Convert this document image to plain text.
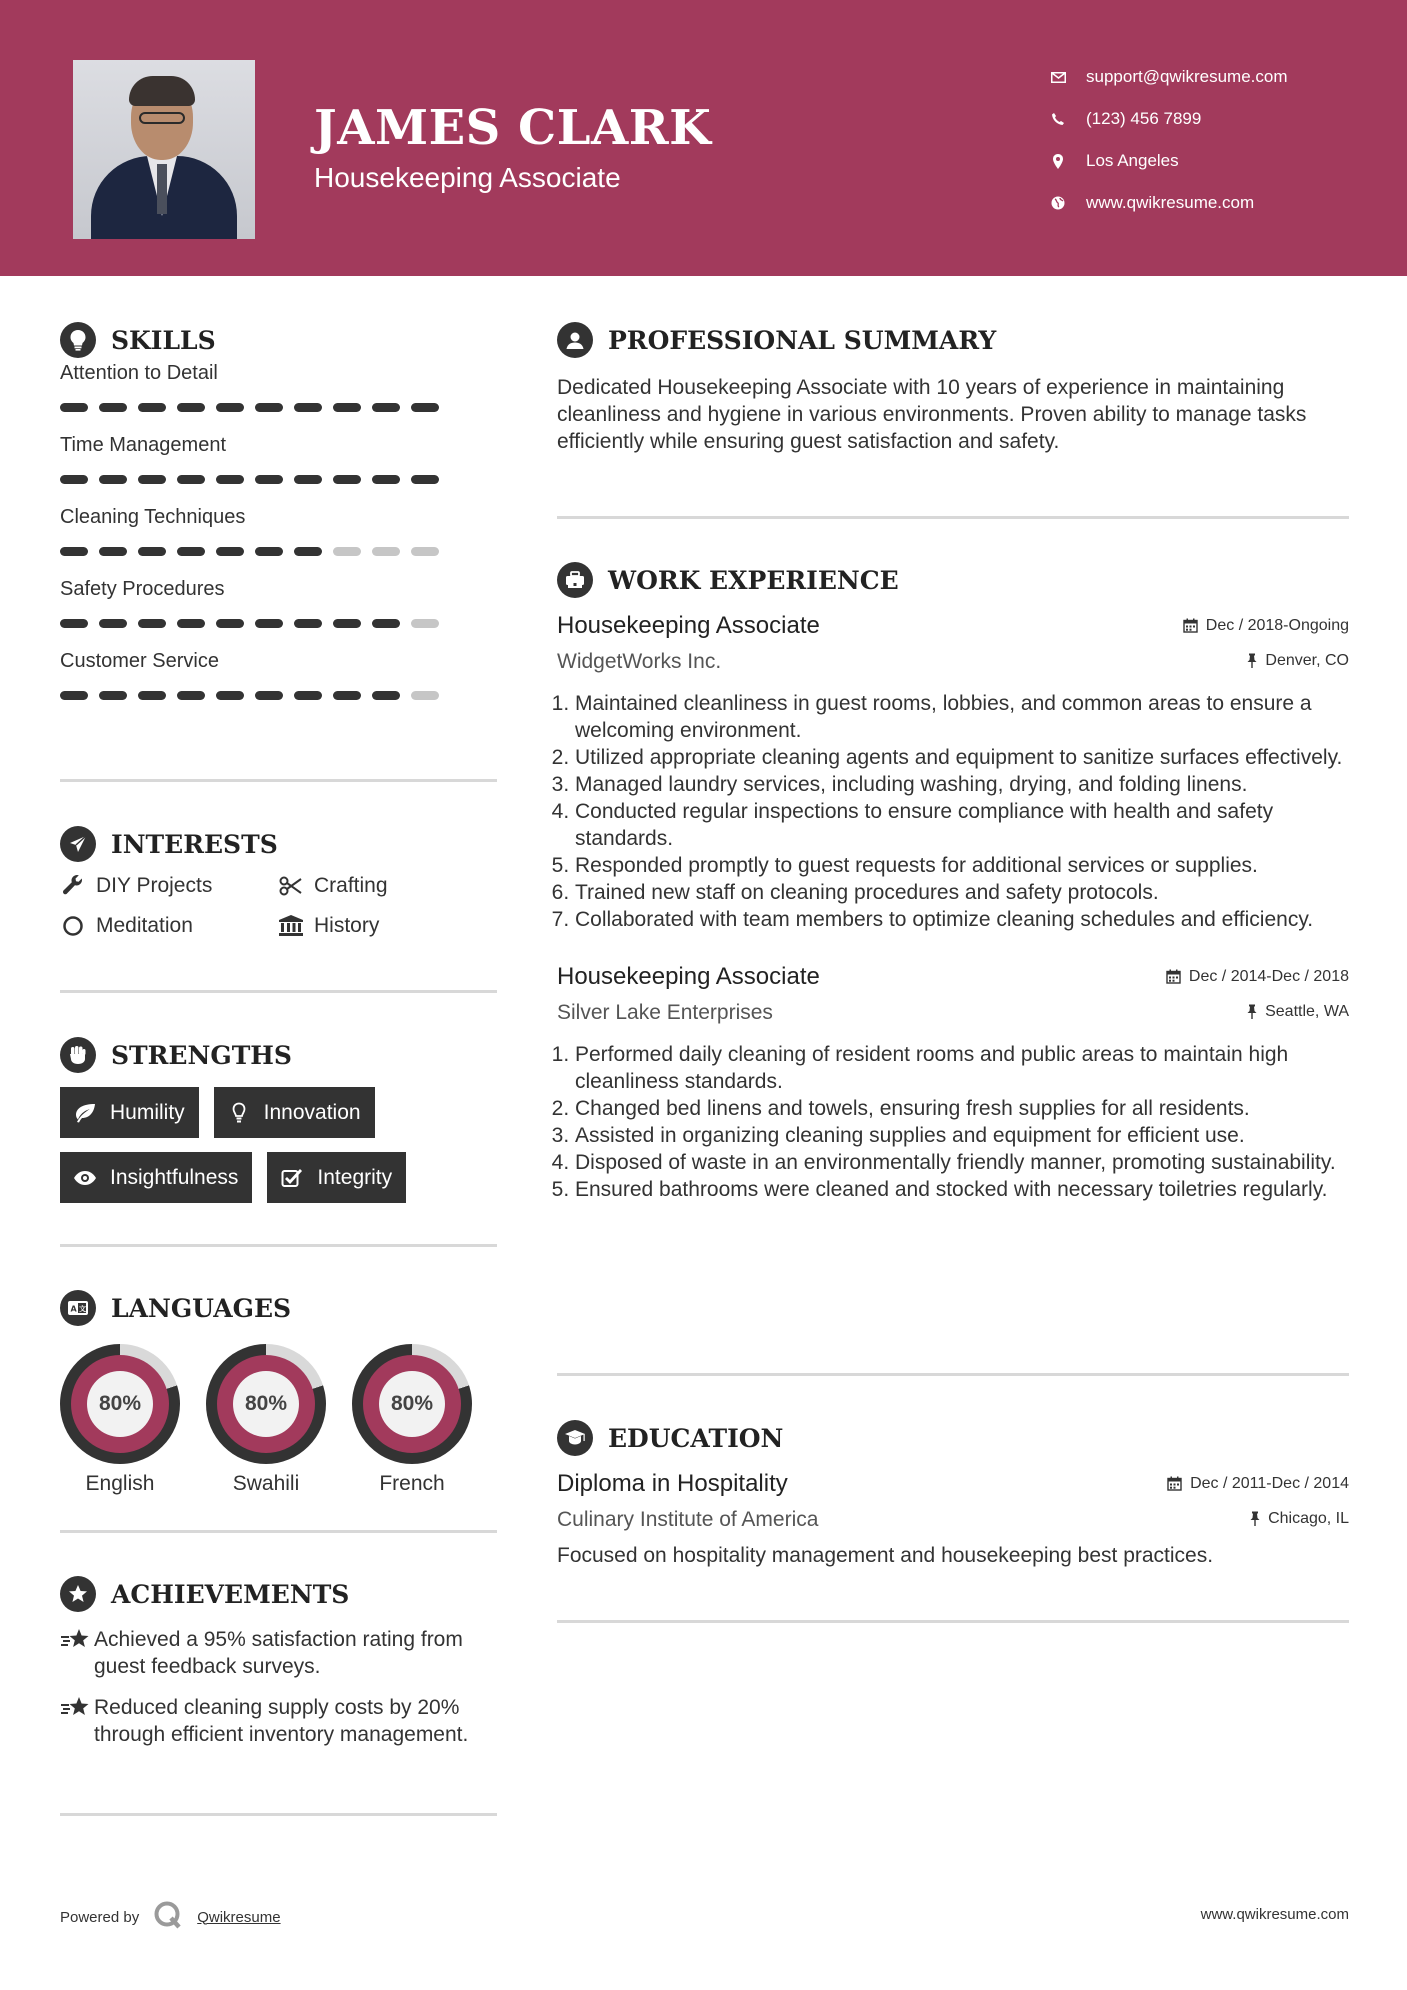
JAMES CLARK
Housekeeping Associate
support@qwikresume.com
(123) 456 7899
Los Angeles
www.qwikresume.com
SKILLS
Attention to Detail
Time Management
Cleaning Techniques
Safety Procedures
Customer Service
INTERESTS
DIY Projects	Crafting
Meditation	History
STRENGTHS
Humility	Innovation
Insightfulness	Integrity
A 文 LANGUAGES
80%
English
80%
Swahili
80%
French
ACHIEVEMENTS
Achieved a 95% satisfaction rating from guest feedback surveys.
Reduced cleaning supply costs by 20% through efficient inventory management.
PROFESSIONAL SUMMARY
Dedicated Housekeeping Associate with 10 years of experience in maintaining cleanliness and hygiene in various environments. Proven ability to manage tasks efficiently while ensuring guest satisfaction and safety.
WORK EXPERIENCE
Housekeeping Associate	Dec / 2018-Ongoing
WidgetWorks Inc.	Denver, CO
1. Maintained cleanliness in guest rooms, lobbies, and common areas to ensure a welcoming environment.
2. Utilized appropriate cleaning agents and equipment to sanitize surfaces effectively.
3. Managed laundry services, including washing, drying, and folding linens.
4. Conducted regular inspections to ensure compliance with health and safety standards.
5. Responded promptly to guest requests for additional services or supplies.
6. Trained new staff on cleaning procedures and safety protocols.
7. Collaborated with team members to optimize cleaning schedules and efficiency.
Housekeeping Associate	Dec / 2014-Dec / 2018
Silver Lake Enterprises	Seattle, WA
1. Performed daily cleaning of resident rooms and public areas to maintain high cleanliness standards.
2. Changed bed linens and towels, ensuring fresh supplies for all residents.
3. Assisted in organizing cleaning supplies and equipment for efficient use.
4. Disposed of waste in an environmentally friendly manner, promoting sustainability.
5. Ensured bathrooms were cleaned and stocked with necessary toiletries regularly.
EDUCATION
Diploma in Hospitality	Dec / 2011-Dec / 2014
Culinary Institute of America	Chicago, IL
Focused on hospitality management and housekeeping best practices.
Powered by	Qwikresume	www.qwikresume.com
